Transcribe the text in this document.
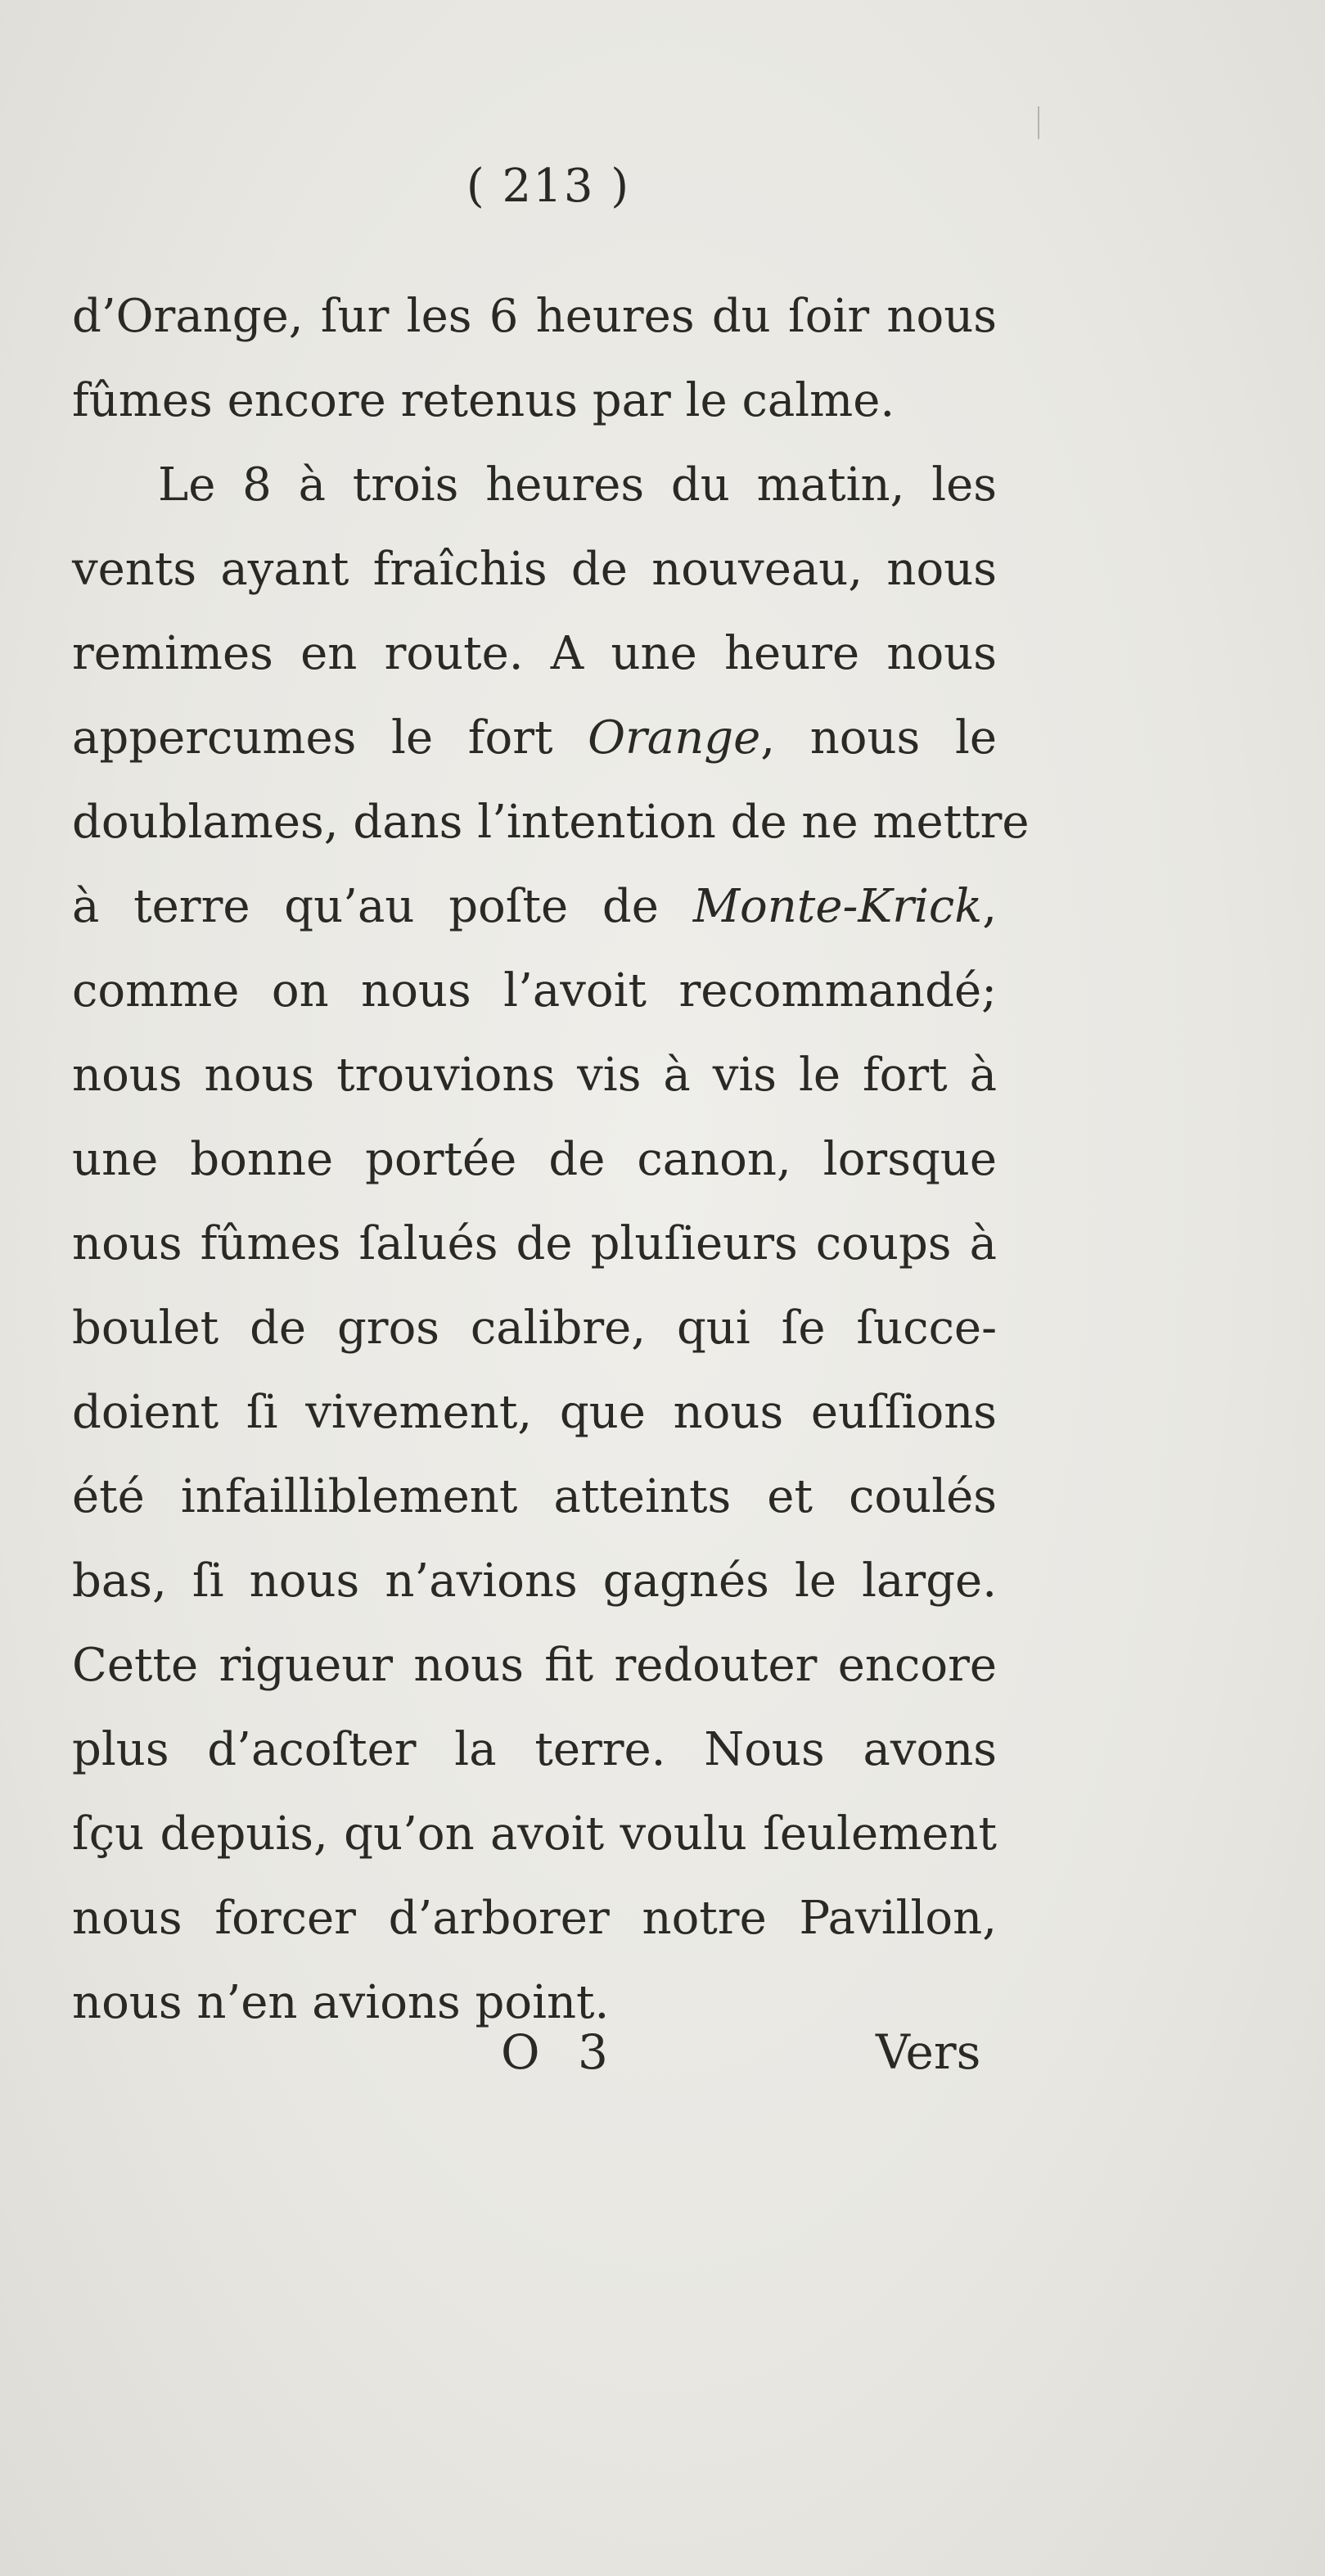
( 213 )
d’Orange, ſur les 6 heures du ſoir nous
fûmes encore retenus par le calme.
Le 8 à trois heures du matin, les
vents ayant fraîchis de nouveau, nous
remimes en route. A une heure nous
appercumes le fort Orange, nous le
doublames, dans l’intention de ne mettre
à terre qu’au poſte de Monte-Krick,
comme on nous l’avoit recommandé;
nous nous trouvions vis à vis le fort à
une bonne portée de canon, lorsque
nous fûmes ſalués de pluſieurs coups à
boulet de gros calibre, qui ſe ſucce-
doient ſi vivement, que nous euſſions
été infailliblement atteints et coulés
bas, ſi nous n’avions gagnés le large.
Cette rigueur nous fit redouter encore
plus d’acoſter la terre. Nous avons
ſçu depuis, qu’on avoit voulu ſeulement
nous forcer d’arborer notre Pavillon,
nous n’en avions point.
O 3	Vers
